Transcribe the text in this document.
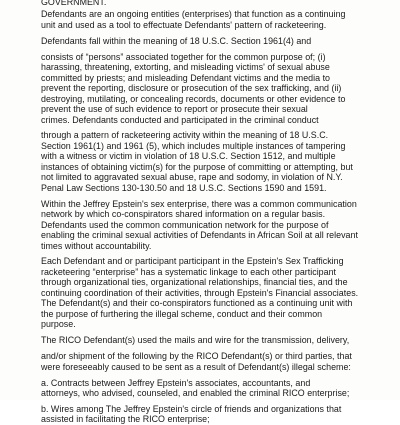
GOVERNMENT.

Defendants are an ongoing entities (enterprises) that function as a continuing
unit and used as a tool to effectuate Defendants' pattern of racketeering.

Defendants fall within the meaning of 18 U.S.C. Section 1961(4) and

consists of “persons” associated together for the common purpose of; (i)
harassing, threatening, extorting, and misleading victims' of sexual abuse
committed by priests; and misleading Defendant victims and the media to
prevent the reporting, disclosure or prosecution of the sex trafficking, and (ii)
destroying, mutilating, or concealing records, documents or other evidence to
prevent the use of such evidence to report or prosecute their sexual
crimes. Defendants conducted and participated in the criminal conduct

through a pattern of racketeering activity within the meaning of 18 U.S.C.
Section 1961(1) and 1961 (5), which includes multiple instances of tampering
with a witness or victim in violation of 18 U.S.C. Section 1512, and multiple
instances of obtaining victim(s) for the purpose of committing or attempting, but
not limited to aggravated sexual abuse, rape and sodomy, in violation of N.Y.
Penal Law Sections 130-130.50 and 18 U.S.C. Sections 1590 and 1591.

Within the Jeffrey Epstein's sex enterprise, there was a common communication
network by which co-conspirators shared information on a regular basis.
Defendants used the common communication network for the purpose of
enabling the criminal sexual activities of Defendants in African Soil at all relevant
times without accountability.

Each Defendant and or participant participant in the Epstein's Sex Trafficking
racketeering “enterprise” has a systematic linkage to each other participant
through organizational ties, organizational relationships, financial ties, and the
continuing coordination of their activities, through Epstein's Financial associates.
The Defendant(s) and their co-conspirators functioned as a continuing unit with
the purpose of furthering the illegal scheme, conduct and their common
purpose.

The RICO Defendant(s) used the mails and wire for the transmission, delivery,

and/or shipment of the following by the RICO Defendant(s) or third parties, that
were foreseeably caused to be sent as a result of Defendant(s) illegal scheme:

a. Contracts between Jeffrey Epstein's associates, accountants, and
attorneys, who advised, counseled, and enabled the criminal RICO enterprise;

b. Wires among The Jeffrey Epstein's circle of friends and organizations that
assisted in facilitating the RICO enterprise;
